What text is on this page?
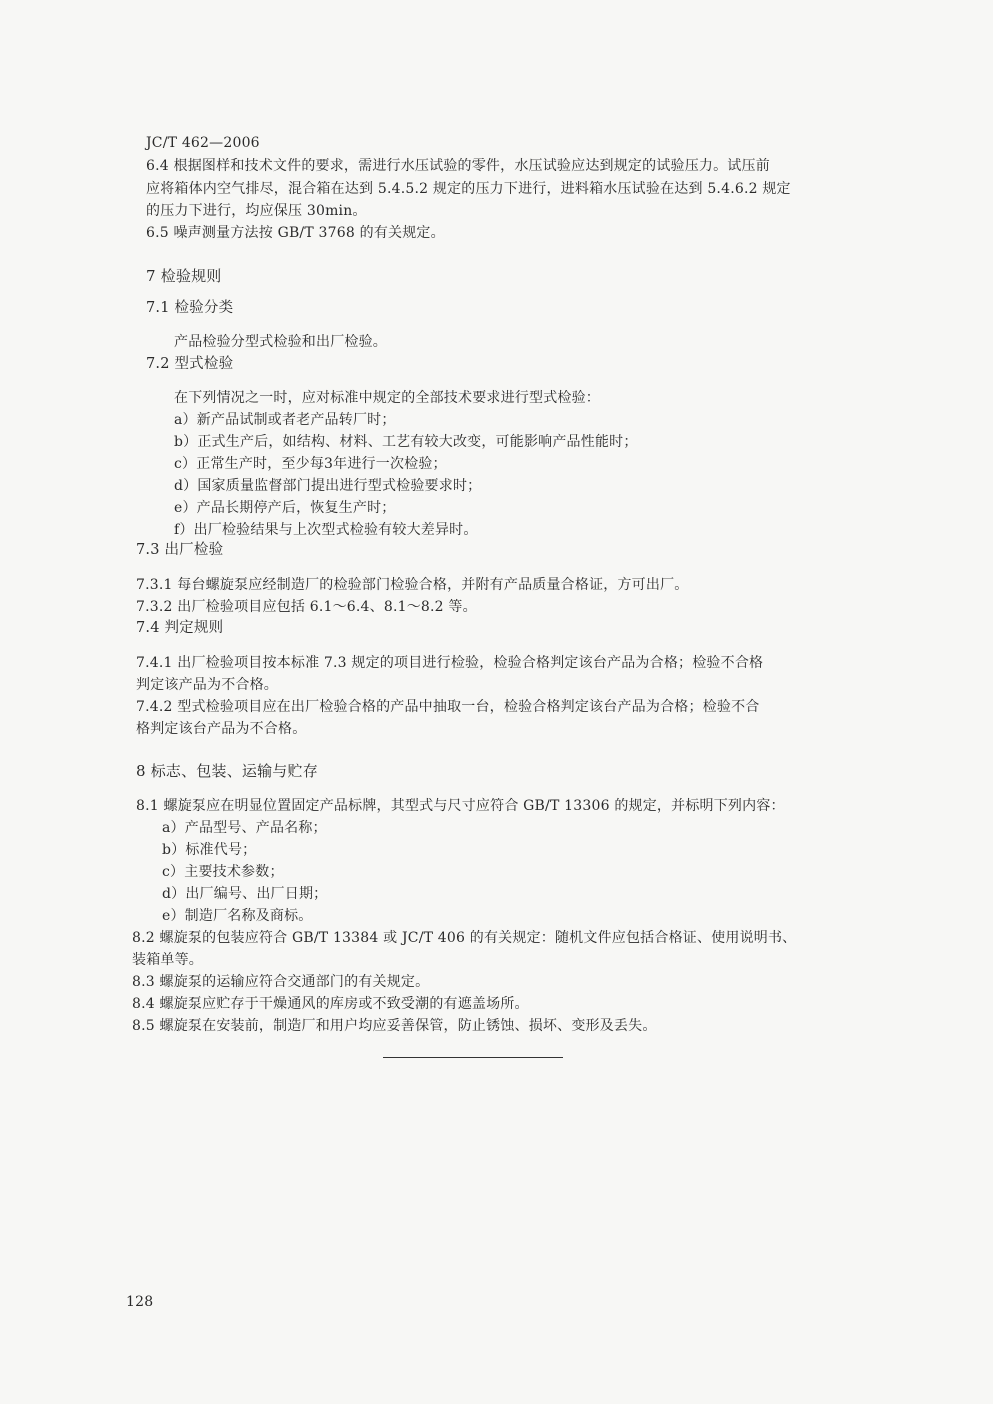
JC/T 462—2006
6.4 根据图样和技术文件的要求，需进行水压试验的零件，水压试验应达到规定的试验压力。试压前
应将箱体内空气排尽，混合箱在达到 5.4.5.2 规定的压力下进行，进料箱水压试验在达到 5.4.6.2 规定
的压力下进行，均应保压 30min。
6.5 噪声测量方法按 GB/T 3768 的有关规定。
7 检验规则
7.1 检验分类
产品检验分型式检验和出厂检验。
7.2 型式检验
在下列情况之一时，应对标准中规定的全部技术要求进行型式检验：
a）新产品试制或者老产品转厂时；
b）正式生产后，如结构、材料、工艺有较大改变，可能影响产品性能时；
c）正常生产时，至少每3年进行一次检验；
d）国家质量监督部门提出进行型式检验要求时；
e）产品长期停产后，恢复生产时；
f）出厂检验结果与上次型式检验有较大差异时。
7.3 出厂检验
7.3.1 每台螺旋泵应经制造厂的检验部门检验合格，并附有产品质量合格证，方可出厂。
7.3.2 出厂检验项目应包括 6.1～6.4、8.1～8.2 等。
7.4 判定规则
7.4.1 出厂检验项目按本标准 7.3 规定的项目进行检验，检验合格判定该台产品为合格；检验不合格
判定该产品为不合格。
7.4.2 型式检验项目应在出厂检验合格的产品中抽取一台，检验合格判定该台产品为合格；检验不合
格判定该台产品为不合格。
8 标志、包装、运输与贮存
8.1 螺旋泵应在明显位置固定产品标牌，其型式与尺寸应符合 GB/T 13306 的规定，并标明下列内容：
a）产品型号、产品名称；
b）标准代号；
c）主要技术参数；
d）出厂编号、出厂日期；
e）制造厂名称及商标。
8.2 螺旋泵的包装应符合 GB/T 13384 或 JC/T 406 的有关规定：随机文件应包括合格证、使用说明书、
装箱单等。
8.3 螺旋泵的运输应符合交通部门的有关规定。
8.4 螺旋泵应贮存于干燥通风的库房或不致受潮的有遮盖场所。
8.5 螺旋泵在安装前，制造厂和用户均应妥善保管，防止锈蚀、损坏、变形及丢失。
128
